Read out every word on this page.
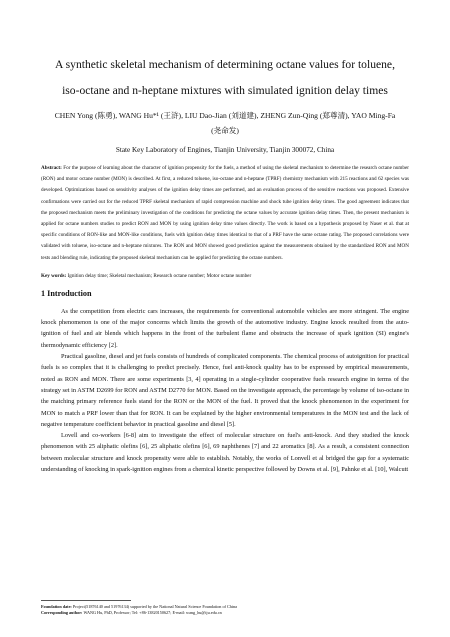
A synthetic skeletal mechanism of determining octane values for toluene,
iso-octane and n-heptane mixtures with simulated ignition delay times
CHEN Yong (陈勇), WANG Hu*¹ (王浒), LIU Dao-Jian (刘道建), ZHENG Zun-Qing (郑尊清), YAO Ming-Fa
(尧命发)
State Key Laboratory of Engines, Tianjin University, Tianjin 300072, China
Abstract: For the purpose of learning about the character of ignition propensity for the fuels, a method of using the skeletal mechanism to determine the research octane number (RON) and motor octane number (MON) is described. At first, a reduced toluene, iso-octane and n-heptane (TPRF) chemistry mechanism with 215 reactions and 62 species was developed. Optimizations based on sensitivity analyses of the ignition delay times are performed, and an evaluation process of the sensitive reactions was proposed. Extensive confirmations were carried out for the reduced TPRF skeletal mechanism of rapid compression machine and shock tube ignition delay times. The good agreement indicates that the proposed mechanism meets the preliminary investigation of the conditions for predicting the octane values by accurate ignition delay times. Then, the present mechanism is applied for octane numbers studies to predict RON and MON by using ignition delay time values directly. The work is based on a hypothesis proposed by Naser et al. that at specific conditions of RON-like and MON-like conditions, fuels with ignition delay times identical to that of a PRF have the same octane rating. The proposed correlations were validated with toluene, iso-octane and n-heptane mixtures. The RON and MON showed good prediction against the measurements obtained by the standardized RON and MON tests and blending rule, indicating the proposed skeletal mechanism can be applied for predicting the octane numbers.
Key words: Ignition delay time; Skeletal mechanism; Research octane number; Motor octane number
1 Introduction

As the competition from electric cars increases, the requirements for conventional automobile vehicles are more stringent. The engine knock phenomenon is one of the major concerns which limits the growth of the automotive industry. Engine knock resulted from the auto-ignition of fuel and air blends which happens in the front of the turbulent flame and obstructs the increase of spark ignition (SI) engine's thermodynamic efficiency [2].

Practical gasoline, diesel and jet fuels consists of hundreds of complicated components. The chemical process of autoignition for practical fuels is so complex that it is challenging to predict precisely. Hence, fuel anti-knock quality has to be expressed by empirical measurements, noted as RON and MON. There are some experiments [3, 4] operating in a single-cylinder cooperative fuels research engine in terms of the strategy set in ASTM D2699 for RON and ASTM D2770 for MON. Based on the investigate approach, the percentage by volume of iso-octane in the matching primary reference fuels stand for the RON or the MON of the fuel. It proved that the knock phenomenon in the experiment for MON to match a PRF lower than that for RON. It can be explained by the higher environmental temperatures in the MON test and the lack of negative temperature coefficient behavior in practical gasoline and diesel [5].

Lovell and co-workers [6-8] aim to investigate the effect of molecular structure on fuel's anti-knock. And they studied the knock phenomenon with 25 aliphatic olefins [6], 25 aliphatic olefins [6], 69 naphthenes [7] and 22 aromatics [8]. As a result, a consistent connection between molecular structure and knock propensity were able to establish. Notably, the works of Lonvell et al bridged the gap for a systematic understanding of knocking in spark-ignition engines from a chemical kinetic perspective followed by Downs et al. [9], Pahnke et al. [10], Walcutt

Foundation date: Project(51876140 and 51976134) supported by the National Natural Science Foundation of China
Corresponding author: WANG Hu, PhD, Professor; Tel: +86-13820150627; E-mail: wang_hu@tju.edu.cn
